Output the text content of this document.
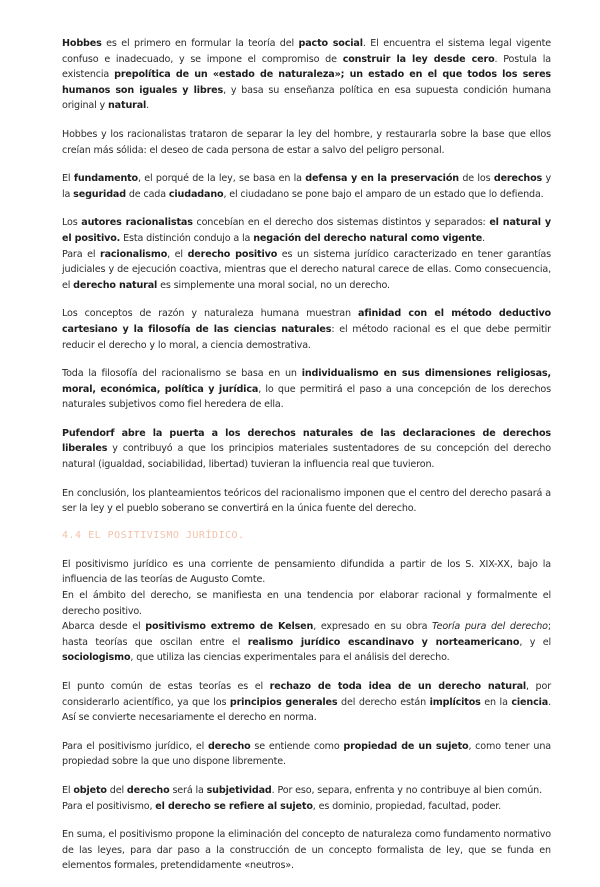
Hobbes es el primero en formular la teoría del pacto social. El encuentra el sistema legal vigente confuso e inadecuado, y se impone el compromiso de construir la ley desde cero. Postula la existencia prepolítica de un «estado de naturaleza»; un estado en el que todos los seres humanos son iguales y libres, y basa su enseñanza política en esa supuesta condición humana original y natural.

Hobbes y los racionalistas trataron de separar la ley del hombre, y restaurarla sobre la base que ellos creían más sólida: el deseo de cada persona de estar a salvo del peligro personal.

El fundamento, el porqué de la ley, se basa en la defensa y en la preservación de los derechos y la seguridad de cada ciudadano, el ciudadano se pone bajo el amparo de un estado que lo defienda.

Los autores racionalistas concebían en el derecho dos sistemas distintos y separados: el natural y el positivo. Esta distinción condujo a la negación del derecho natural como vigente.
Para el racionalismo, el derecho positivo es un sistema jurídico caracterizado en tener garantías judiciales y de ejecución coactiva, mientras que el derecho natural carece de ellas. Como consecuencia, el derecho natural es simplemente una moral social, no un derecho.

Los conceptos de razón y naturaleza humana muestran afinidad con el método deductivo cartesiano y la filosofía de las ciencias naturales: el método racional es el que debe permitir reducir el derecho y lo moral, a ciencia demostrativa.

Toda la filosofía del racionalismo se basa en un individualismo en sus dimensiones religiosas, moral, económica, política y jurídica, lo que permitirá el paso a una concepción de los derechos naturales subjetivos como fiel heredera de ella.

Pufendorf abre la puerta a los derechos naturales de las declaraciones de derechos liberales y contribuyó a que los principios materiales sustentadores de su concepción del derecho natural (igualdad, sociabilidad, libertad) tuvieran la influencia real que tuvieron.

En conclusión, los planteamientos teóricos del racionalismo imponen que el centro del derecho pasará a ser la ley y el pueblo soberano se convertirá en la única fuente del derecho.

4.4 EL POSITIVISMO JURÍDICO.

El positivismo jurídico es una corriente de pensamiento difundida a partir de los S. XIX-XX, bajo la influencia de las teorías de Augusto Comte.
En el ámbito del derecho, se manifiesta en una tendencia por elaborar racional y formalmente el derecho positivo.
Abarca desde el positivismo extremo de Kelsen, expresado en su obra Teoría pura del derecho; hasta teorías que oscilan entre el realismo jurídico escandinavo y norteamericano, y el sociologismo, que utiliza las ciencias experimentales para el análisis del derecho.

El punto común de estas teorías es el rechazo de toda idea de un derecho natural, por considerarlo acientífico, ya que los principios generales del derecho están implícitos en la ciencia. Así se convierte necesariamente el derecho en norma.

Para el positivismo jurídico, el derecho se entiende como propiedad de un sujeto, como tener una propiedad sobre la que uno dispone libremente.

El objeto del derecho será la subjetividad. Por eso, separa, enfrenta y no contribuye al bien común.
Para el positivismo, el derecho se refiere al sujeto, es dominio, propiedad, facultad, poder.

En suma, el positivismo propone la eliminación del concepto de naturaleza como fundamento normativo de las leyes, para dar paso a la construcción de un concepto formalista de ley, que se funda en elementos formales, pretendidamente «neutros».
